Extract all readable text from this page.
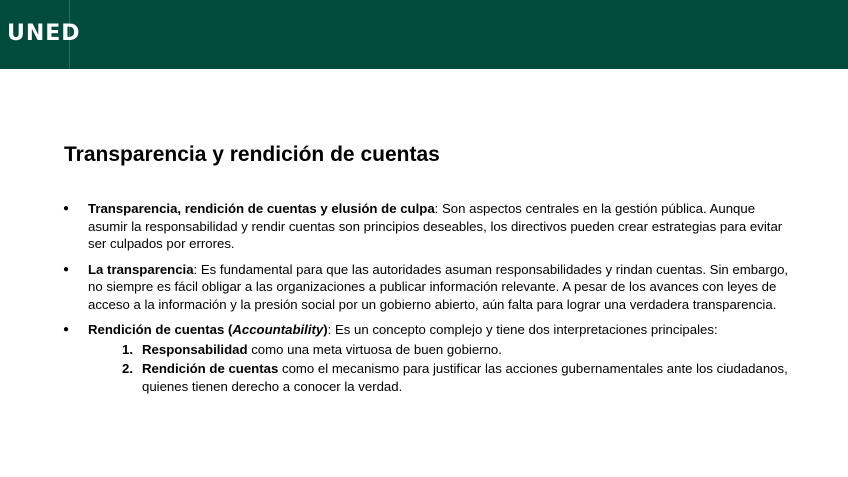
UNED
Transparencia y rendición de cuentas
● Transparencia, rendición de cuentas y elusión de culpa: Son aspectos centrales en la gestión pública. Aunque asumir la responsabilidad y rendir cuentas son principios deseables, los directivos pueden crear estrategias para evitar ser culpados por errores.
● La transparencia: Es fundamental para que las autoridades asuman responsabilidades y rindan cuentas. Sin embargo, no siempre es fácil obligar a las organizaciones a publicar información relevante. A pesar de los avances con leyes de acceso a la información y la presión social por un gobierno abierto, aún falta para lograr una verdadera transparencia.
● Rendición de cuentas (Accountability): Es un concepto complejo y tiene dos interpretaciones principales:
1. Responsabilidad como una meta virtuosa de buen gobierno.
2. Rendición de cuentas como el mecanismo para justificar las acciones gubernamentales ante los ciudadanos, quienes tienen derecho a conocer la verdad.
